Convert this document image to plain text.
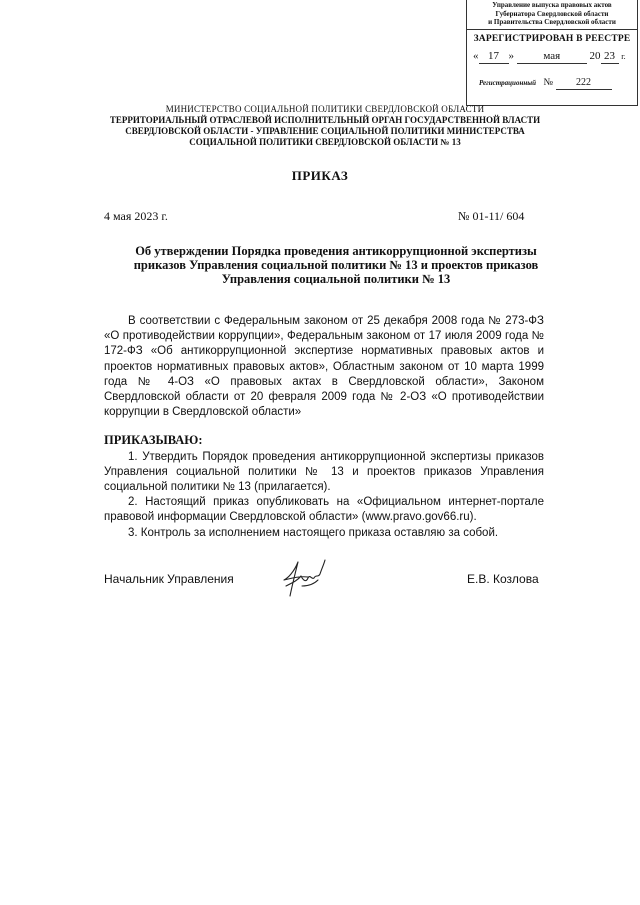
Управление выпуска правовых актов
Губернатора Свердловской области
и Правительства Свердловской области
ЗАРЕГИСТРИРОВАН В РЕЕСТРЕ
« 17 »	мая	20 23 г.
Регистрационный № 222
МИНИСТЕРСТВО СОЦИАЛЬНОЙ ПОЛИТИКИ СВЕРДЛОВСКОЙ ОБЛАСТИ
ТЕРРИТОРИАЛЬНЫЙ ОТРАСЛЕВОЙ ИСПОЛНИТЕЛЬНЫЙ ОРГАН ГОСУДАРСТВЕННОЙ ВЛАСТИ
СВЕРДЛОВСКОЙ ОБЛАСТИ - УПРАВЛЕНИЕ СОЦИАЛЬНОЙ ПОЛИТИКИ МИНИСТЕРСТВА
СОЦИАЛЬНОЙ ПОЛИТИКИ СВЕРДЛОВСКОЙ ОБЛАСТИ № 13
ПРИКАЗ
4 мая 2023 г.	№ 01-11/ 604
Об утверждении Порядка проведения антикоррупционной экспертизы
приказов Управления социальной политики № 13 и проектов приказов
Управления социальной политики № 13

В соответствии с Федеральным законом от 25 декабря 2008 года № 273-ФЗ «О противодействии коррупции», Федеральным законом от 17 июля 2009 года № 172-ФЗ «Об антикоррупционной экспертизе нормативных правовых актов и проектов нормативных правовых актов», Областным законом от 10 марта 1999 года № 4-ОЗ «О правовых актах в Свердловской области», Законом Свердловской области от 20 февраля 2009 года № 2-ОЗ «О противодействии коррупции в Свердловской области»

ПРИКАЗЫВАЮ:

1. Утвердить Порядок проведения антикоррупционной экспертизы приказов Управления социальной политики № 13 и проектов приказов Управления социальной политики № 13 (прилагается).

2. Настоящий приказ опубликовать на «Официальном интернет-портале правовой информации Свердловской области» (www.pravo.gov66.ru).

3. Контроль за исполнением настоящего приказа оставляю за собой.

Начальник Управления	Е.В. Козлова
